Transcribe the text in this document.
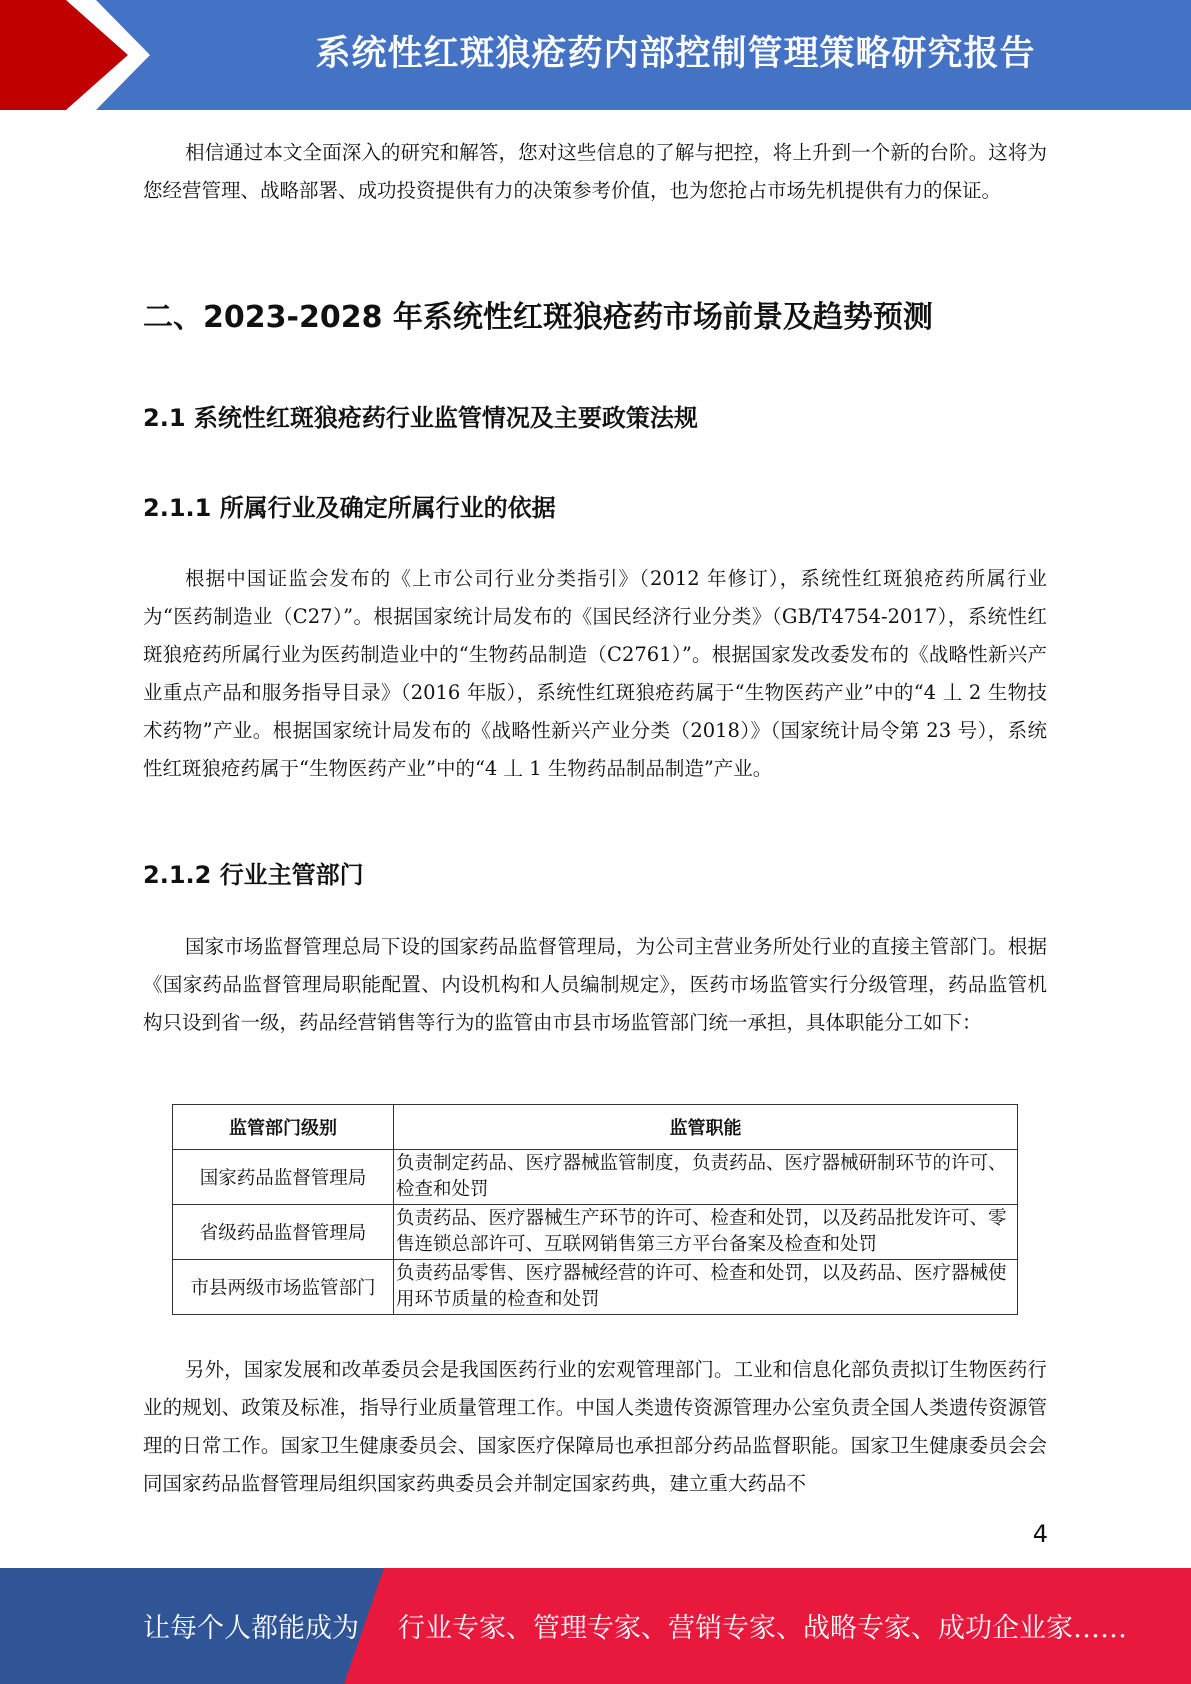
系统性红斑狼疮药内部控制管理策略研究报告

相信通过本文全面深入的研究和解答，您对这些信息的了解与把控，将上升到一个新的台阶。这将为您经营管理、战略部署、成功投资提供有力的决策参考价值，也为您抢占市场先机提供有力的保证。

二、2023-2028 年系统性红斑狼疮药市场前景及趋势预测
2.1 系统性红斑狼疮药行业监管情况及主要政策法规
2.1.1 所属行业及确定所属行业的依据

根据中国证监会发布的《上市公司行业分类指引》（2012 年修订），系统性红斑狼疮药所属行业为“医药制造业（C27）”。根据国家统计局发布的《国民经济行业分类》（GB/T4754-2017），系统性红斑狼疮药所属行业为医药制造业中的“生物药品制造（C2761）”。根据国家发改委发布的《战略性新兴产业重点产品和服务指导目录》（2016 年版），系统性红斑狼疮药属于“生物医药产业”中的“4 丄 2 生物技术药物”产业。根据国家统计局发布的《战略性新兴产业分类（2018）》（国家统计局令第 23 号），系统性红斑狼疮药属于“生物医药产业”中的“4 丄 1 生物药品制品制造”产业。

2.1.2 行业主管部门

国家市场监督管理总局下设的国家药品监督管理局，为公司主营业务所处行业的直接主管部门。根据《国家药品监督管理局职能配置、内设机构和人员编制规定》，医药市场监管实行分级管理，药品监管机构只设到省一级，药品经营销售等行为的监管由市县市场监管部门统一承担，具体职能分工如下：

监管部门级别	监管职能
国家药品监督管理局	负责制定药品、医疗器械监管制度，负责药品、医疗器械研制环节的许可、检查和处罚
省级药品监督管理局	负责药品、医疗器械生产环节的许可、检查和处罚，以及药品批发许可、零售连锁总部许可、互联网销售第三方平台备案及检查和处罚
市县两级市场监管部门	负责药品零售、医疗器械经营的许可、检查和处罚，以及药品、医疗器械使用环节质量的检查和处罚

另外，国家发展和改革委员会是我国医药行业的宏观管理部门。工业和信息化部负责拟订生物医药行业的规划、政策及标准，指导行业质量管理工作。中国人类遗传资源管理办公室负责全国人类遗传资源管理的日常工作。国家卫生健康委员会、国家医疗保障局也承担部分药品监督职能。国家卫生健康委员会会同国家药品监督管理局组织国家药典委员会并制定国家药典，建立重大药品不

4
让每个人都能成为 行业专家、管理专家、营销专家、战略专家、成功企业家……
